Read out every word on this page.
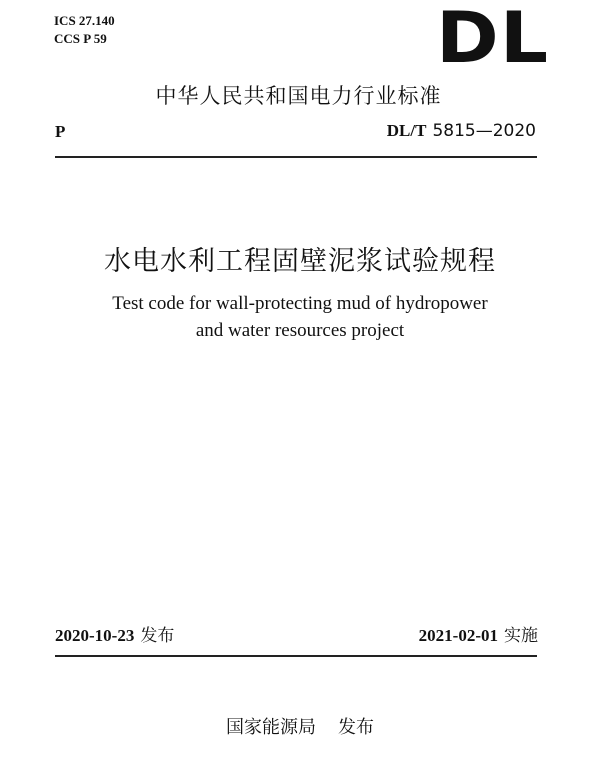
ICS 27.140
CCS P 59	DL
中华人民共和国电力行业标准
P	DL/T 5815—2020
水电水利工程固壁泥浆试验规程
Test code for wall-protecting mud of hydropower
and water resources project
2020-10-23 发布	2021-02-01 实施
国家能源局 发布
